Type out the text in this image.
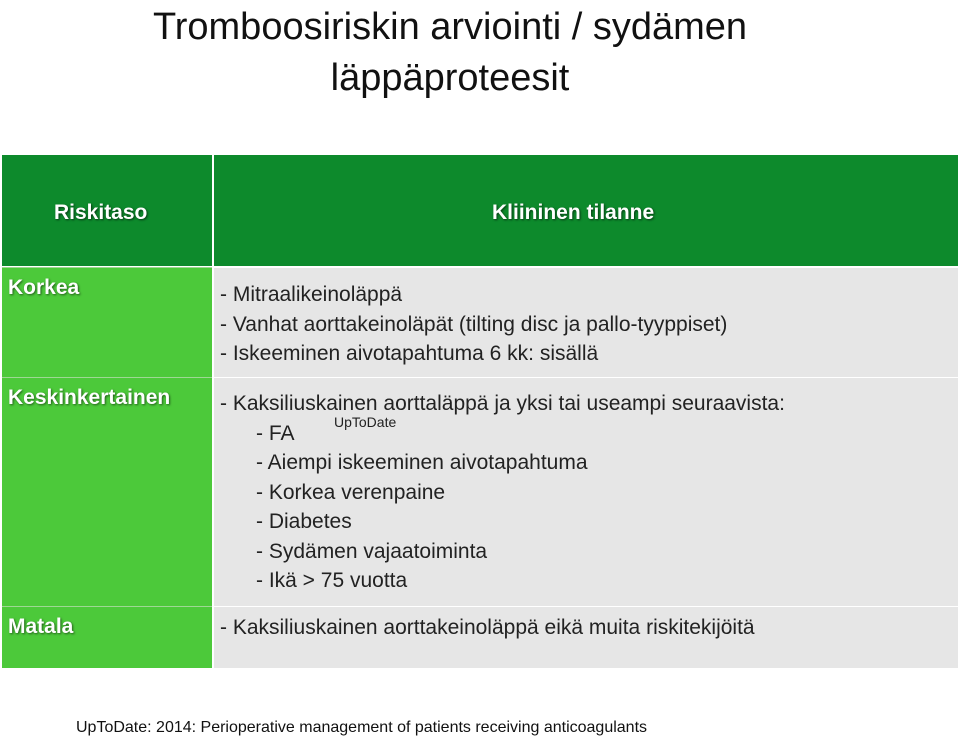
Tromboosiriskin arviointi / sydämen
läppäproteesit
Riskitaso	Kliininen tilanne
Korkea	- Mitraalikeinoläppä
- Vanhat aorttakeinoläpät (tilting disc ja pallo-tyyppiset)
- Iskeeminen aivotapahtuma 6 kk: sisällä
Keskinkertainen - Kaksiliuskainen aorttaläppä ja yksi tai useampi seuraavista:
- FA	UpToDate
- Aiempi iskeeminen aivotapahtuma
- Korkea verenpaine
- Diabetes
- Sydämen vajaatoiminta
- Ikä > 75 vuotta
Matala	- Kaksiliuskainen aorttakeinoläppä eikä muita riskitekijöitä
UpToDate: 2014: Perioperative management of patients receiving anticoagulants
